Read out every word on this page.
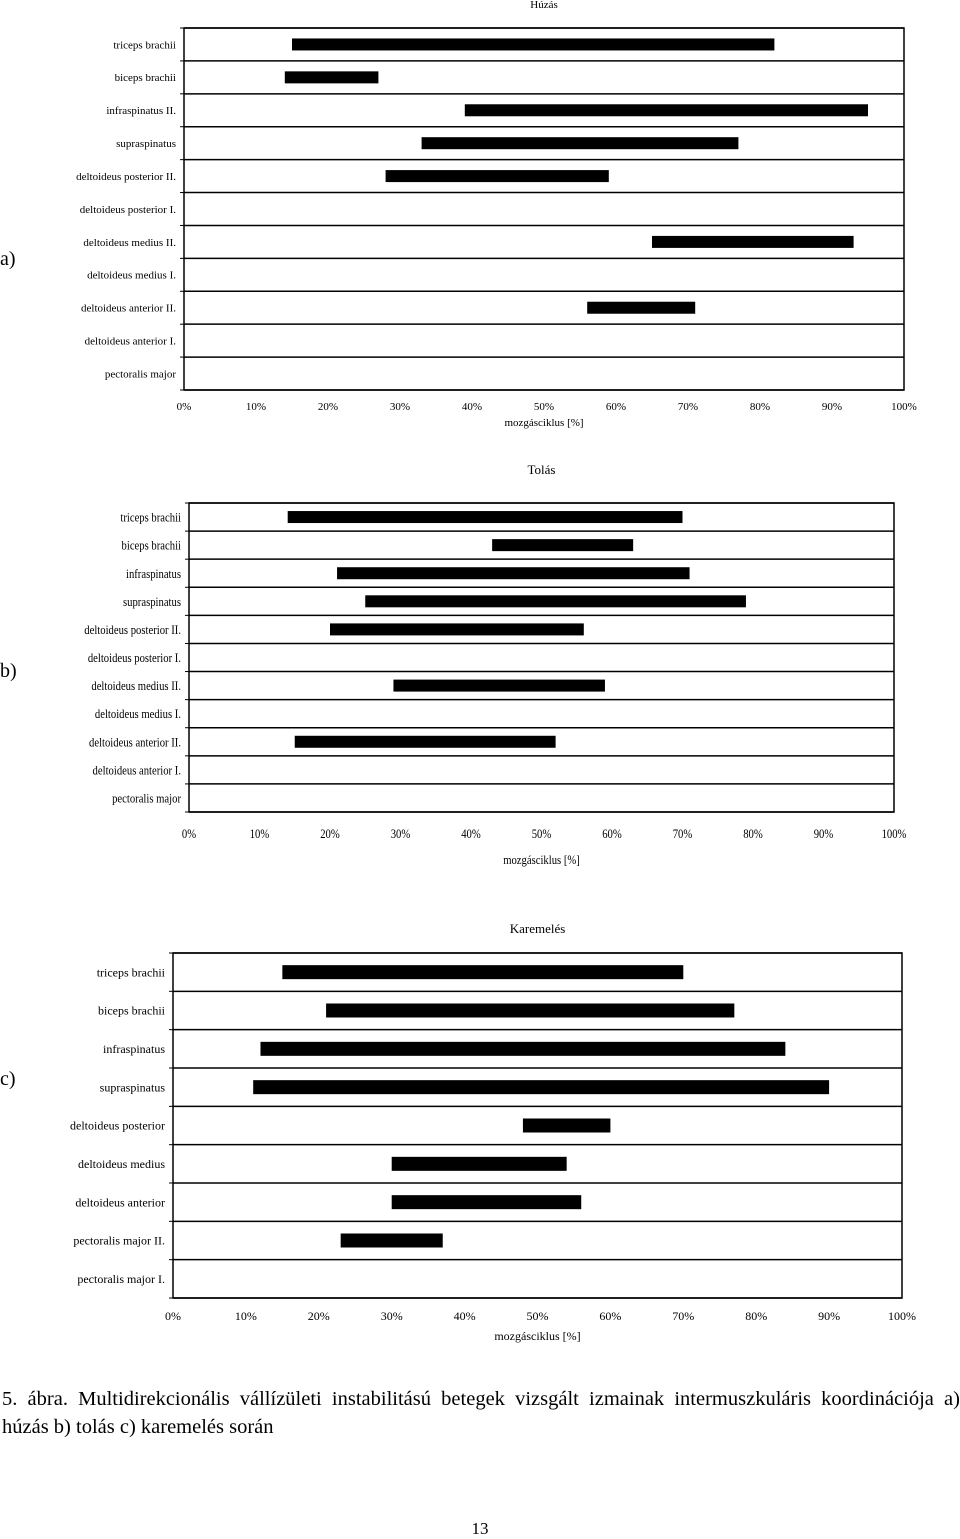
a)
b)
c)
Húzás
triceps brachii
biceps brachii
infraspinatus II.
supraspinatus
deltoideus posterior II.
deltoideus posterior I.
deltoideus medius II.
deltoideus medius I.
deltoideus anterior II.
deltoideus anterior I.
pectoralis major
0%	10%	20%	30%	40%	50%	60%	70%	80%	90%	100%
mozgásciklus [%]
Tolás
triceps brachii
biceps brachii
infraspinatus
supraspinatus
deltoideus posterior II.
deltoideus posterior I.
deltoideus medius II.
deltoideus medius I.
deltoideus anterior II.
deltoideus anterior I.
pectoralis major
0%	10%	20%	30%	40%	50%	60%	70%	80%	90%	100%
mozgásciklus [%]
Karemelés
triceps brachii
biceps brachii
infraspinatus
supraspinatus
deltoideus posterior
deltoideus medius
deltoideus anterior
pectoralis major II.
pectoralis major I.
0%	10%	20%	30%	40%	50%	60%	70%	80%	90%	100%
mozgásciklus [%]
5. ábra. Multidirekcionális vállízületi instabilitású betegek vizsgált izmainak intermuszkuláris koordinációja a) húzás b) tolás c) karemelés során
13
